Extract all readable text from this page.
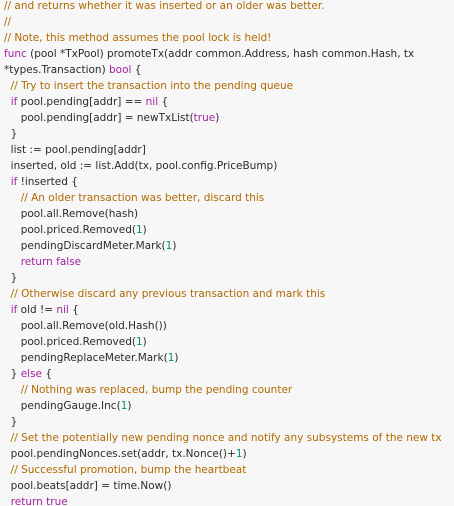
// and returns whether it was inserted or an older was better.
//
// Note, this method assumes the pool lock is held!
func (pool *TxPool) promoteTx(addr common.Address, hash common.Hash, tx
*types.Transaction) bool {
// Try to insert the transaction into the pending queue
if pool.pending[addr] == nil {
pool.pending[addr] = newTxList(true)
}
list := pool.pending[addr]
inserted, old := list.Add(tx, pool.config.PriceBump)
if !inserted {
// An older transaction was better, discard this
pool.all.Remove(hash)
pool.priced.Removed(1)
pendingDiscardMeter.Mark(1)
return false
}
// Otherwise discard any previous transaction and mark this
if old != nil {
pool.all.Remove(old.Hash())
pool.priced.Removed(1)
pendingReplaceMeter.Mark(1)
} else {
// Nothing was replaced, bump the pending counter
pendingGauge.Inc(1)
}
// Set the potentially new pending nonce and notify any subsystems of the new tx
pool.pendingNonces.set(addr, tx.Nonce()+1)
// Successful promotion, bump the heartbeat
pool.beats[addr] = time.Now()
return true
